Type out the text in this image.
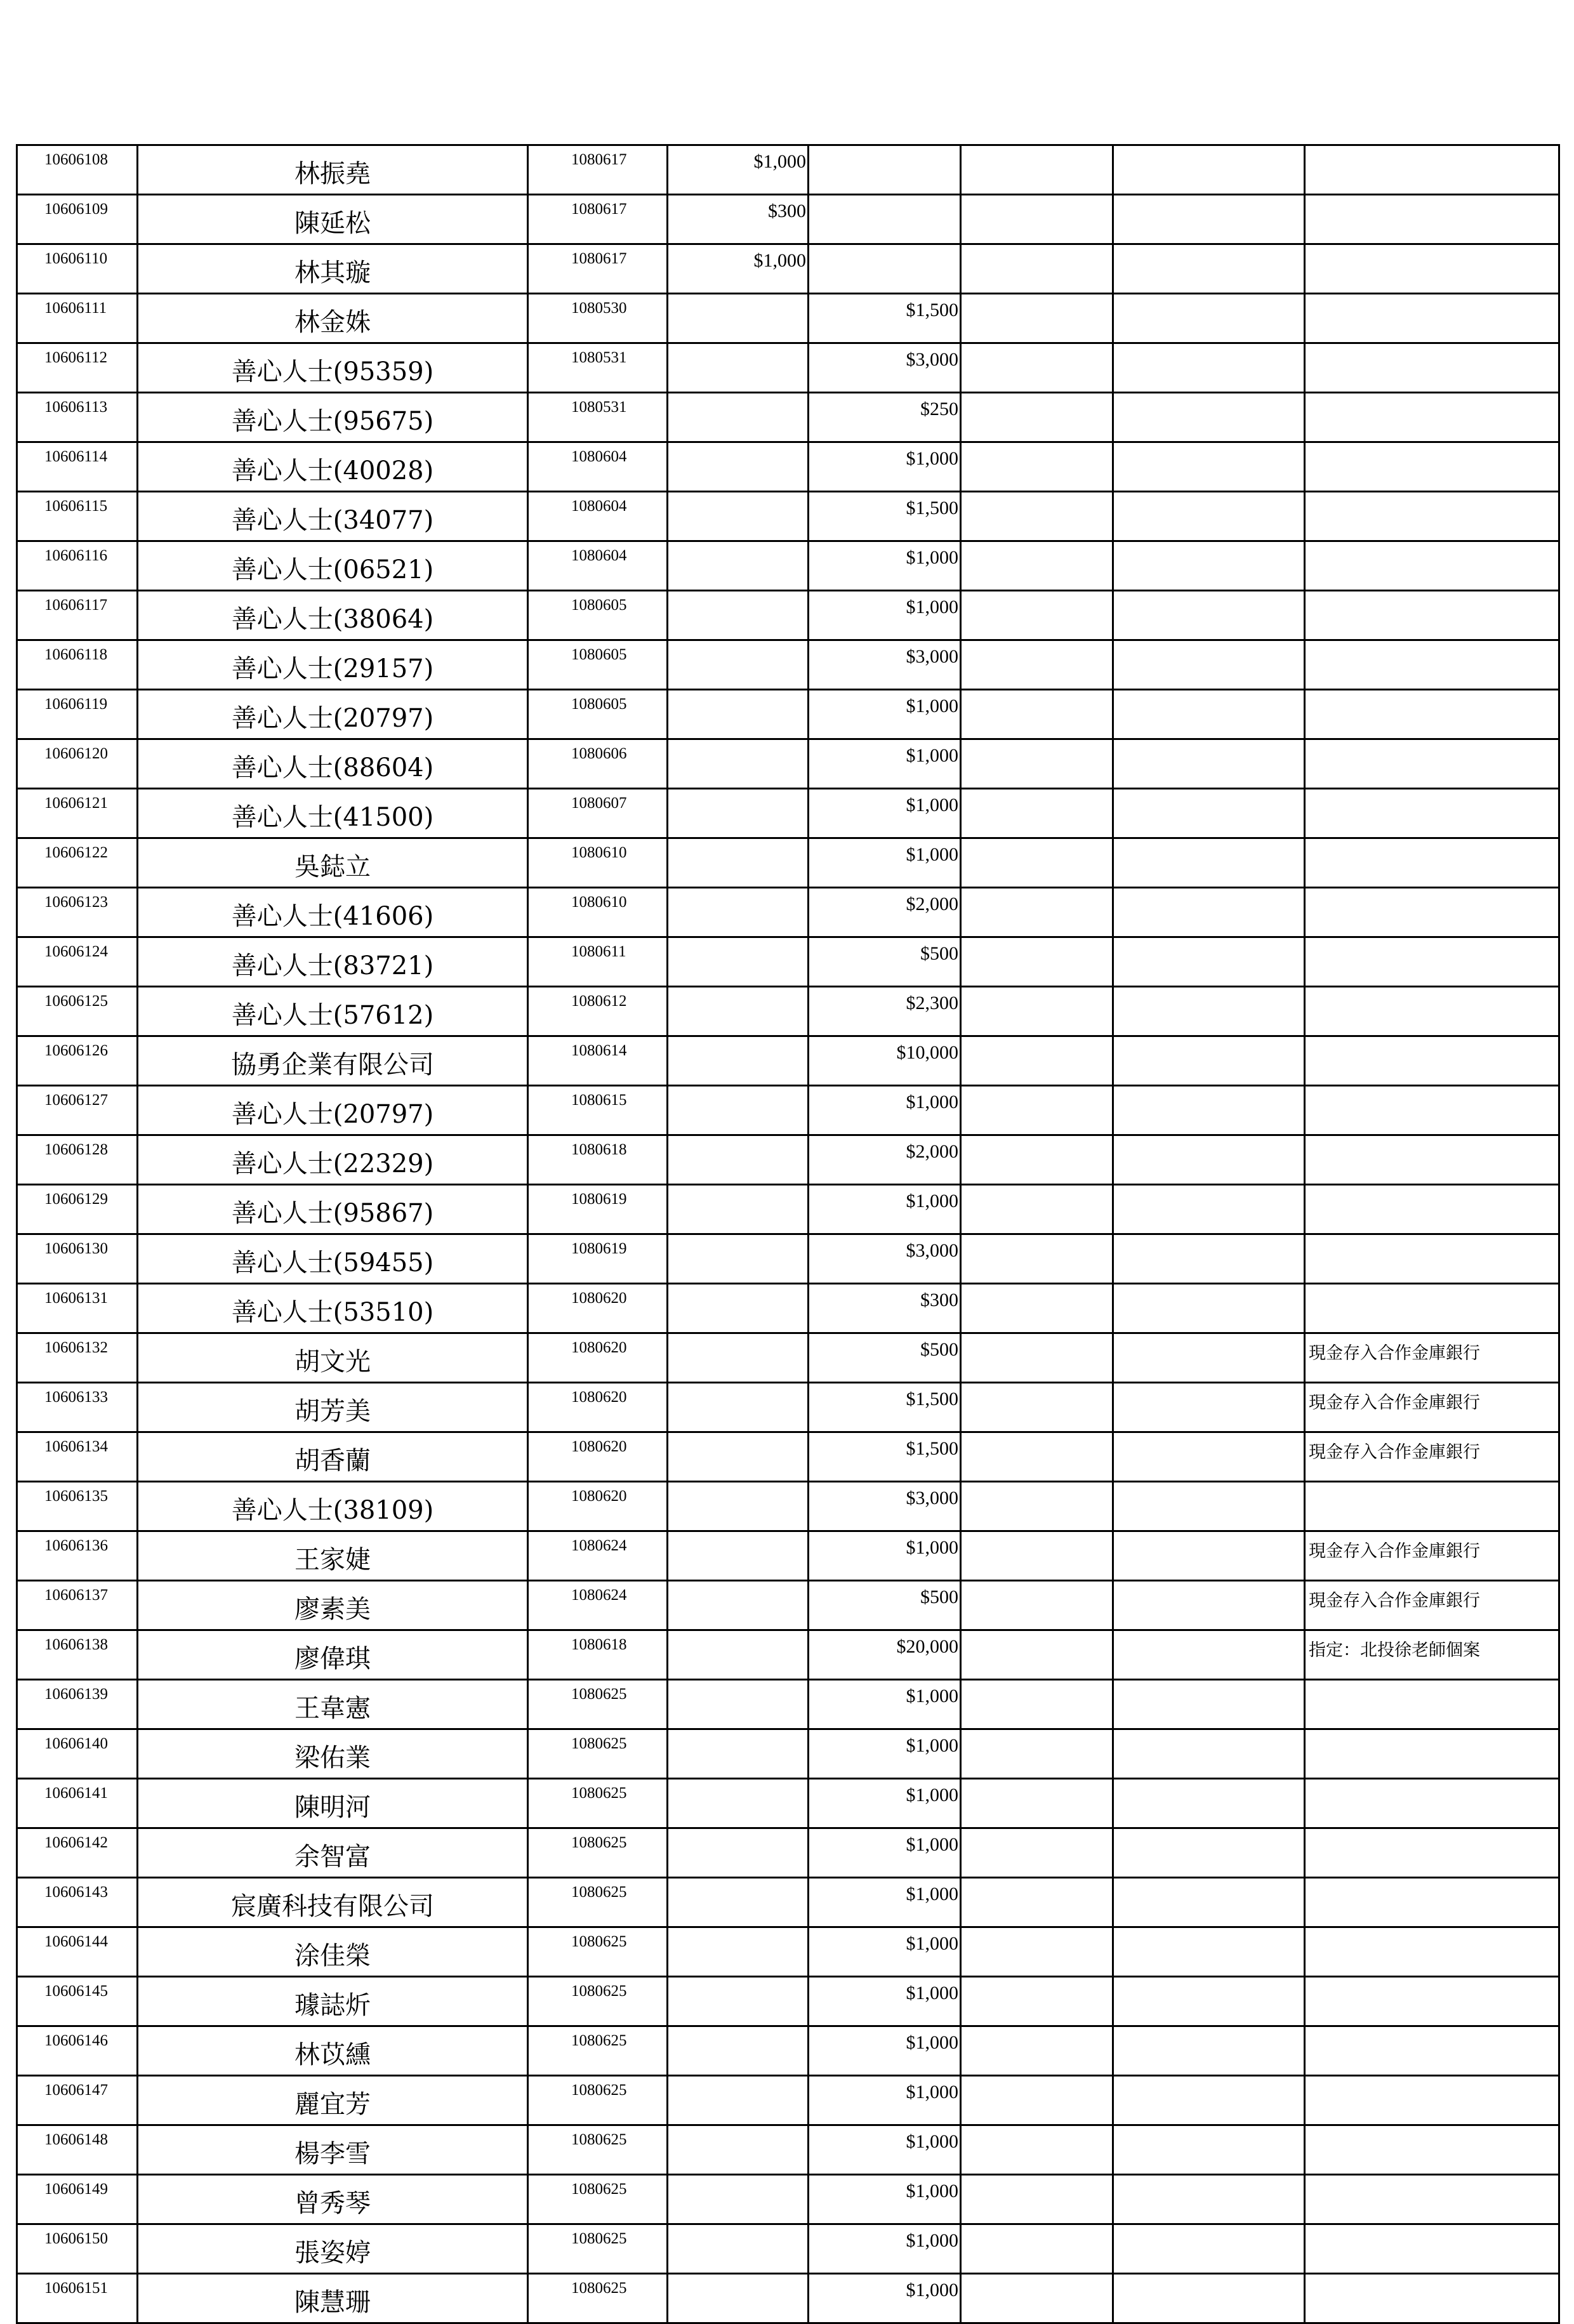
10606108	林振堯	1080617	$1,000				
10606109	陳延松	1080617	$300				
10606110	林其璇	1080617	$1,000				
10606111	林金姝	1080530		$1,500			
10606112	善心人士(95359)	1080531		$3,000			
10606113	善心人士(95675)	1080531		$250			
10606114	善心人士(40028)	1080604		$1,000			
10606115	善心人士(34077)	1080604		$1,500			
10606116	善心人士(06521)	1080604		$1,000			
10606117	善心人士(38064)	1080605		$1,000			
10606118	善心人士(29157)	1080605		$3,000			
10606119	善心人士(20797)	1080605		$1,000			
10606120	善心人士(88604)	1080606		$1,000			
10606121	善心人士(41500)	1080607		$1,000			
10606122	吳鋕立	1080610		$1,000			
10606123	善心人士(41606)	1080610		$2,000			
10606124	善心人士(83721)	1080611		$500			
10606125	善心人士(57612)	1080612		$2,300			
10606126	協勇企業有限公司	1080614		$10,000			
10606127	善心人士(20797)	1080615		$1,000			
10606128	善心人士(22329)	1080618		$2,000			
10606129	善心人士(95867)	1080619		$1,000			
10606130	善心人士(59455)	1080619		$3,000			
10606131	善心人士(53510)	1080620		$300			
10606132	胡文光	1080620		$500			現金存入合作金庫銀行
10606133	胡芳美	1080620		$1,500			現金存入合作金庫銀行
10606134	胡香蘭	1080620		$1,500			現金存入合作金庫銀行
10606135	善心人士(38109)	1080620		$3,000			
10606136	王家婕	1080624		$1,000			現金存入合作金庫銀行
10606137	廖素美	1080624		$500			現金存入合作金庫銀行
10606138	廖偉琪	1080618		$20,000			指定：北投徐老師個案
10606139	王韋憲	1080625		$1,000			
10606140	梁佑業	1080625		$1,000			
10606141	陳明河	1080625		$1,000			
10606142	余智富	1080625		$1,000			
10606143	宸廣科技有限公司	1080625		$1,000			
10606144	涂佳榮	1080625		$1,000			
10606145	璩誌炘	1080625		$1,000			
10606146	林苡纁	1080625		$1,000			
10606147	麗宜芳	1080625		$1,000			
10606148	楊李雪	1080625		$1,000			
10606149	曾秀琴	1080625		$1,000			
10606150	張姿婷	1080625		$1,000			
10606151	陳慧珊	1080625		$1,000			
